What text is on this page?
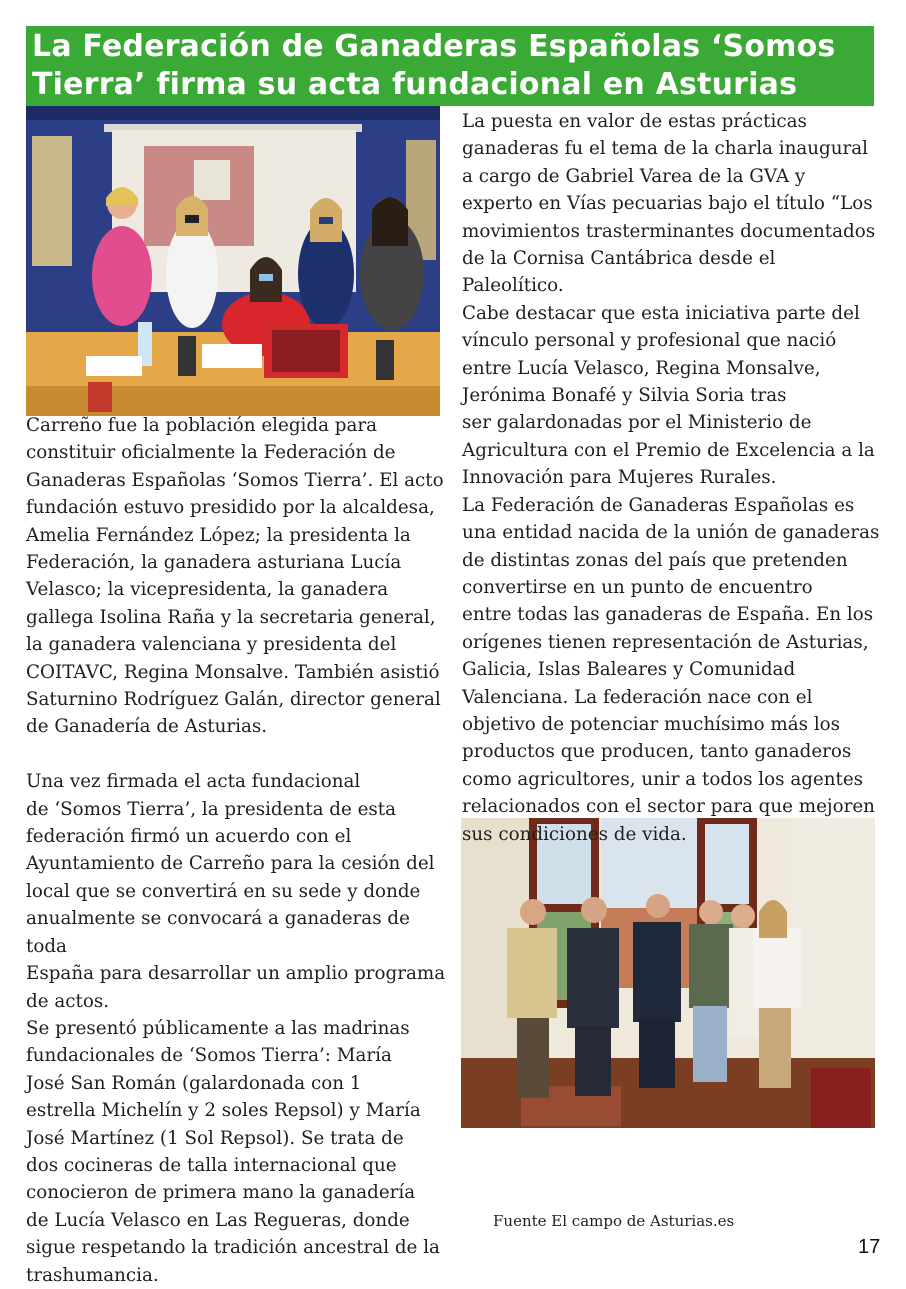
La Federación de Ganaderas Españolas ‘Somos
Tierra’ firma su acta fundacional en Asturias

Carreño fue la población elegida para
constituir oficialmente la Federación de
Ganaderas Españolas ‘Somos Tierra’. El acto
fundación estuvo presidido por la alcaldesa,
Amelia Fernández López; la presidenta la
Federación, la ganadera asturiana Lucía
Velasco; la vicepresidenta, la ganadera
gallega Isolina Raña y la secretaria general,
la ganadera valenciana y presidenta del
COITAVC, Regina Monsalve. También asistió
Saturnino Rodríguez Galán, director general
de Ganadería de Asturias.

Una vez firmada el acta fundacional
de ‘Somos Tierra’, la presidenta de esta
federación firmó un acuerdo con el
Ayuntamiento de Carreño para la cesión del
local que se convertirá en su sede y donde
anualmente se convocará a ganaderas de toda
España para desarrollar un amplio programa
de actos.

Se presentó públicamente a las madrinas
fundacionales de ‘Somos Tierra’: María
José San Román (galardonada con 1
estrella Michelín y 2 soles Repsol) y María
José Martínez (1 Sol Repsol). Se trata de
dos cocineras de talla internacional que
conocieron de primera mano la ganadería
de Lucía Velasco en Las Regueras, donde
sigue respetando la tradición ancestral de la
trashumancia.

La puesta en valor de estas prácticas
ganaderas fu el tema de la charla inaugural
a cargo de Gabriel Varea de la GVA y
experto en Vías pecuarias bajo el título “Los
movimientos trasterminantes documentados
de la Cornisa Cantábrica desde el Paleolítico.
Cabe destacar que esta iniciativa parte del
vínculo personal y profesional que nació
entre Lucía Velasco, Regina Monsalve,
Jerónima Bonafé y Silvia Soria tras
ser galardonadas por el Ministerio de
Agricultura con el Premio de Excelencia a la
Innovación para Mujeres Rurales.

La Federación de Ganaderas Españolas es
una entidad nacida de la unión de ganaderas
de distintas zonas del país que pretenden
convertirse en un punto de encuentro
entre todas las ganaderas de España. En los
orígenes tienen representación de Asturias,
Galicia, Islas Baleares y Comunidad
Valenciana. La federación nace con el
objetivo de potenciar muchísimo más los
productos que producen, tanto ganaderos
como agricultores, unir a todos los agentes
relacionados con el sector para que mejoren
sus condiciones de vida.

Fuente El campo de Asturias.es
17
